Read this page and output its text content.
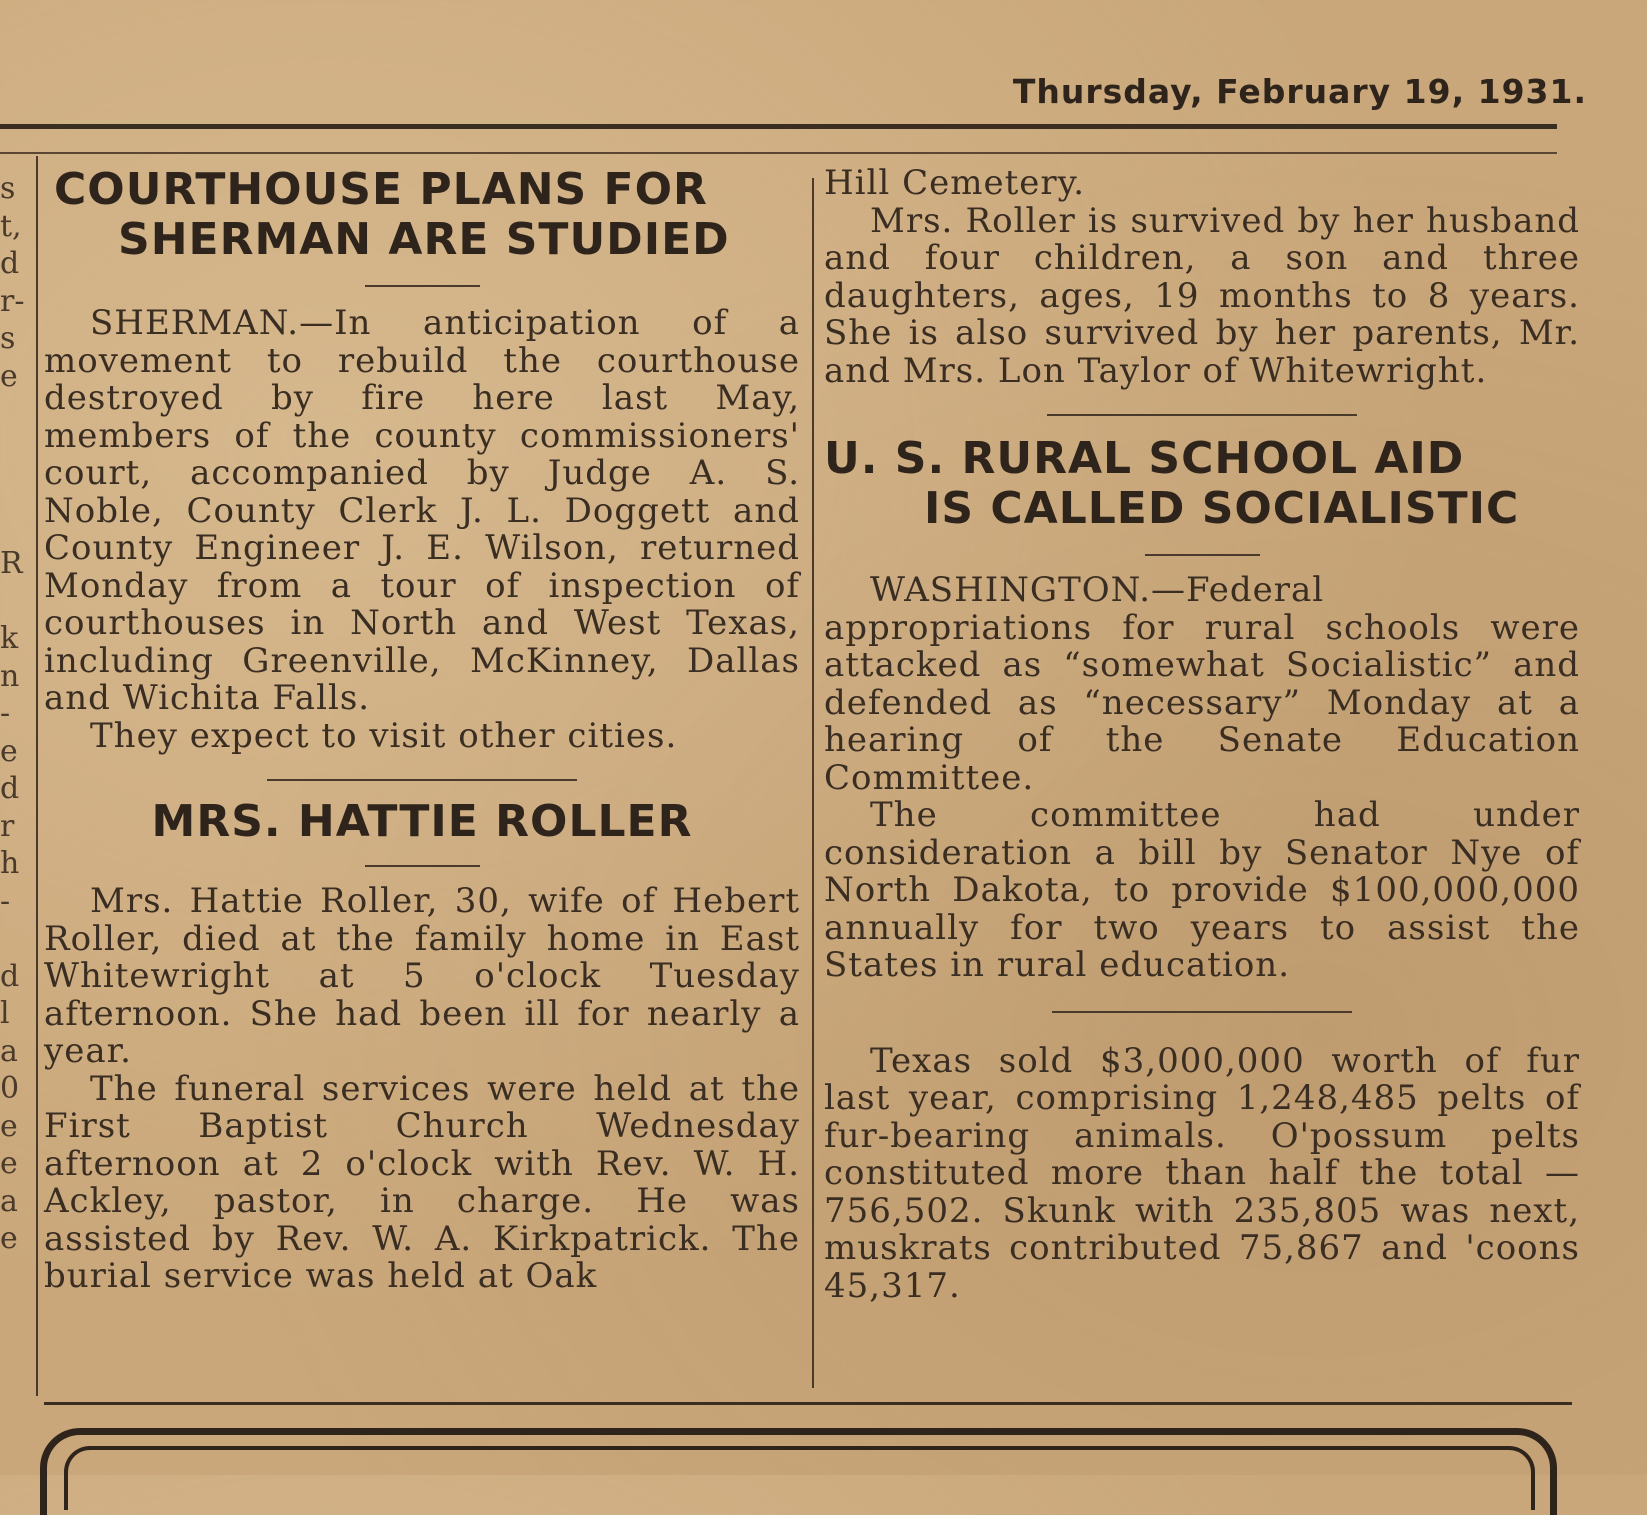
Thursday, February 19, 1931.
s
t,
d
r-
s
e
R
k
n
-
e
d
r
h
-
d
l
a
0
e
e
a
e
COURTHOUSE PLANS FOR
SHERMAN ARE STUDIED

SHERMAN.—In anticipation of a movement to rebuild the courthouse destroyed by fire here last May, members of the county commissioners' court, accompanied by Judge A. S. Noble, County Clerk J. L. Doggett and County Engineer J. E. Wilson, returned Monday from a tour of inspection of courthouses in North and West Texas, including Greenville, McKinney, Dallas and Wichita Falls.

They expect to visit other cities.

MRS. HATTIE ROLLER

Mrs. Hattie Roller, 30, wife of Hebert Roller, died at the family home in East Whitewright at 5 o'clock Tuesday afternoon. She had been ill for nearly a year.

The funeral services were held at the First Baptist Church Wednesday afternoon at 2 o'clock with Rev. W. H. Ackley, pastor, in charge. He was assisted by Rev. W. A. Kirkpatrick. The burial service was held at Oak

Hill Cemetery.

Mrs. Roller is survived by her husband and four children, a son and three daughters, ages, 19 months to 8 years. She is also survived by her parents, Mr. and Mrs. Lon Taylor of Whitewright.

U. S. RURAL SCHOOL AID
IS CALLED SOCIALISTIC

WASHINGTON.—Federal appropriations for rural schools were attacked as “somewhat Socialistic” and defended as “necessary” Monday at a hearing of the Senate Education Committee.

The committee had under consideration a bill by Senator Nye of North Dakota, to provide $100,000,000 annually for two years to assist the States in rural education.

Texas sold $3,000,000 worth of fur last year, comprising 1,248,485 pelts of fur-bearing animals. O'possum pelts constituted more than half the total — 756,502. Skunk with 235,805 was next, muskrats contributed 75,867 and 'coons 45,317.
